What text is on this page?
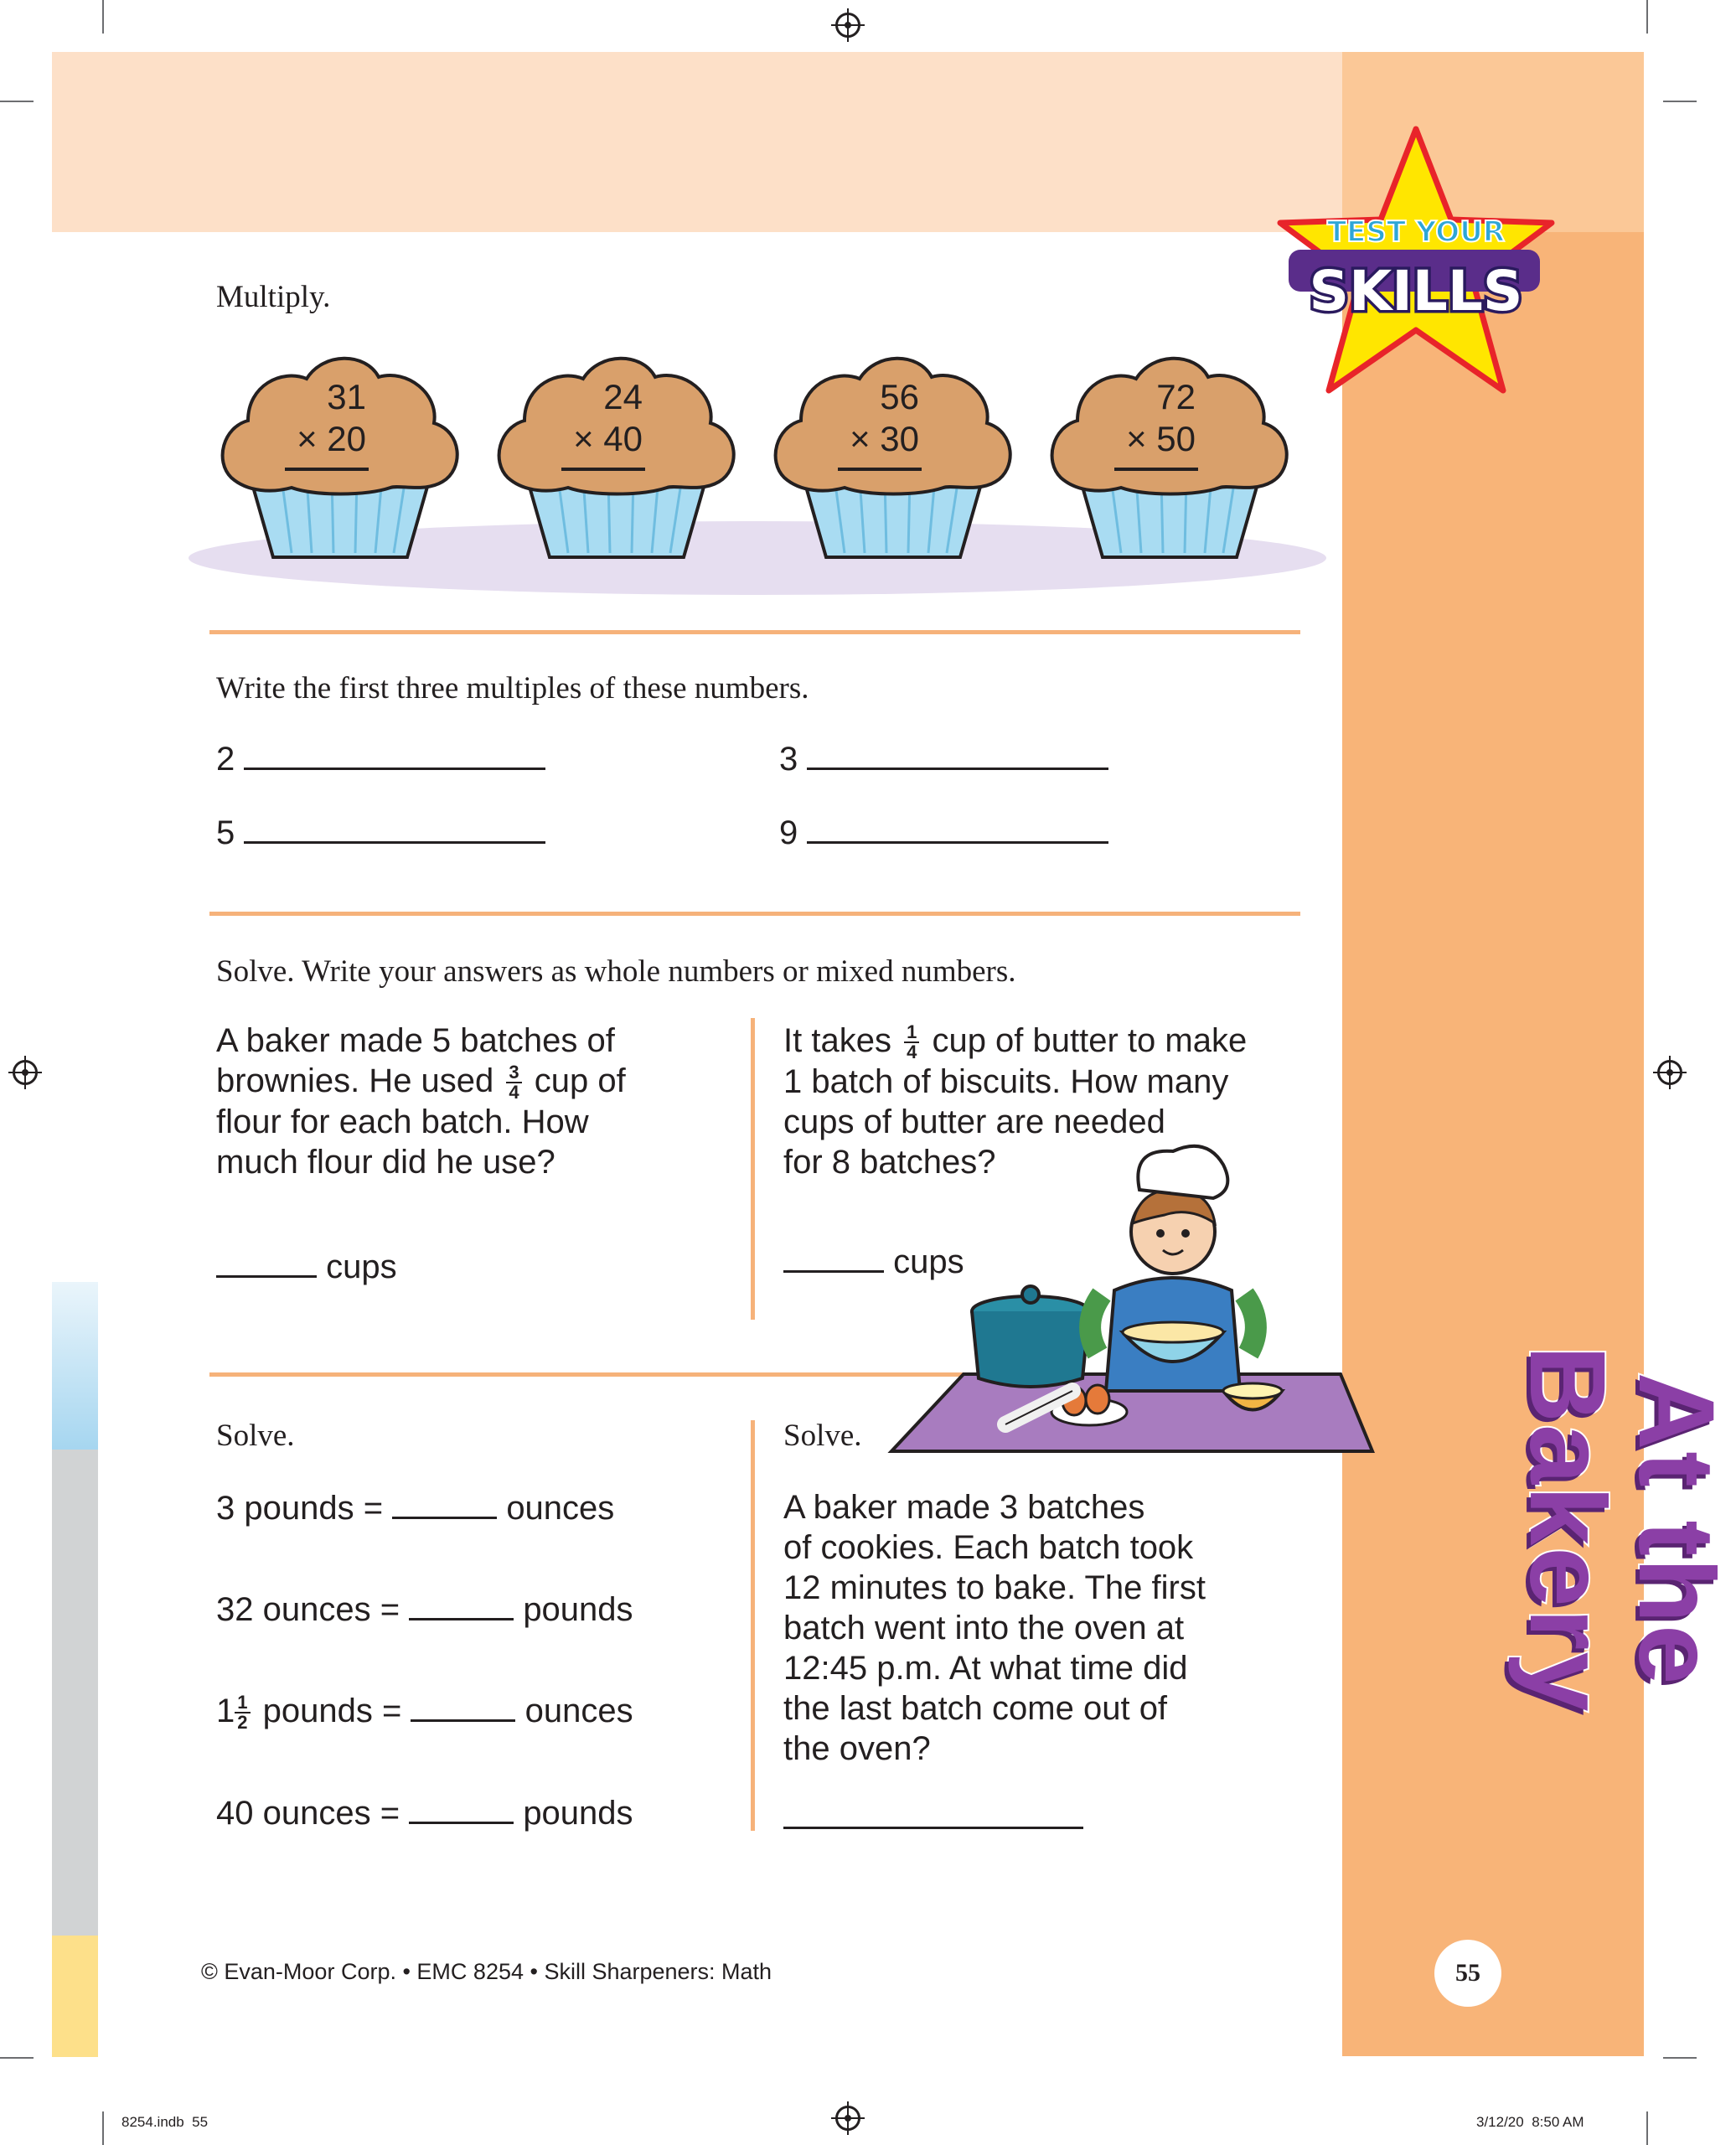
TEST YOUR
SKILLS
Multiply.
31
× 20
24
× 40
56
× 30
72
× 50
Write the first three multiples of these numbers.
2	3
5	9
Solve. Write your answers as whole numbers or mixed numbers.
A baker made 5 batches of
brownies. He used $\frac{3}{4}$ cup of
flour for each batch. How
much flour did he use?
cups
It takes $\frac{1}{4}$ cup of butter to make
1 batch of biscuits. How many
cups of butter are needed
for 8 batches?
cups
Solve.
3 pounds =	ounces
32 ounces =	pounds
$1 \frac{1}{2}$ pounds =	ounces
40 ounces =	pounds
Solve.
A baker made 3 batches
of cookies. Each batch took
12 minutes to bake. The first
batch went into the oven at
12:45 p.m. At what time did
the last batch come out of
the oven?
At the Bakery
55
© Evan-Moor Corp. • EMC 8254 • Skill Sharpeners: Math
8254.indb 55	3/12/20 8:50 AM
